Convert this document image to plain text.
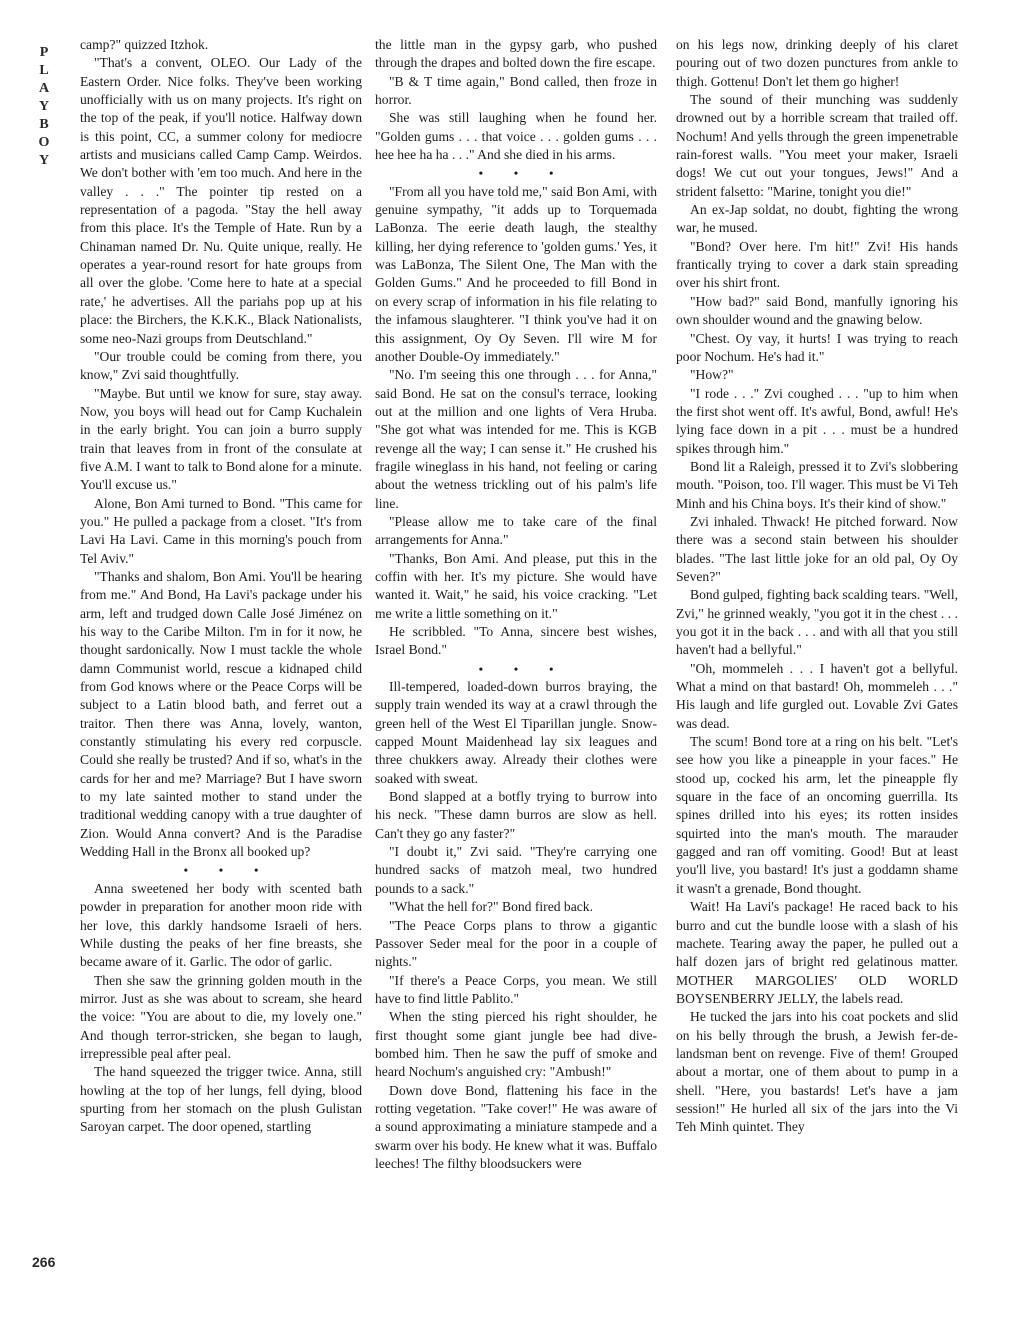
P
L
A
Y
B
O
Y

camp?" quizzed Itzhok.

"That's a convent, OLEO. Our Lady of the Eastern Order. Nice folks. They've been working unofficially with us on many projects. It's right on the top of the peak, if you'll notice. Halfway down is this point, CC, a summer colony for mediocre artists and musicians called Camp Camp. Weirdos. We don't bother with 'em too much. And here in the valley . . ." The pointer tip rested on a representation of a pagoda. "Stay the hell away from this place. It's the Temple of Hate. Run by a Chinaman named Dr. Nu. Quite unique, really. He operates a year-round resort for hate groups from all over the globe. 'Come here to hate at a special rate,' he advertises. All the pariahs pop up at his place: the Birchers, the K.K.K., Black Nationalists, some neo-Nazi groups from Deutschland."

"Our trouble could be coming from there, you know," Zvi said thoughtfully.

"Maybe. But until we know for sure, stay away. Now, you boys will head out for Camp Kuchalein in the early bright. You can join a burro supply train that leaves from in front of the consulate at five A.M. I want to talk to Bond alone for a minute. You'll excuse us."

Alone, Bon Ami turned to Bond. "This came for you." He pulled a package from a closet. "It's from Lavi Ha Lavi. Came in this morning's pouch from Tel Aviv."

"Thanks and shalom, Bon Ami. You'll be hearing from me." And Bond, Ha Lavi's package under his arm, left and trudged down Calle José Jiménez on his way to the Caribe Milton. I'm in for it now, he thought sardonically. Now I must tackle the whole damn Communist world, rescue a kidnaped child from God knows where or the Peace Corps will be subject to a Latin blood bath, and ferret out a traitor. Then there was Anna, lovely, wanton, constantly stimulating his every red corpuscle. Could she really be trusted? And if so, what's in the cards for her and me? Marriage? But I have sworn to my late sainted mother to stand under the traditional wedding canopy with a true daughter of Zion. Would Anna convert? And is the Paradise Wedding Hall in the Bronx all booked up?

• • •

Anna sweetened her body with scented bath powder in preparation for another moon ride with her love, this darkly handsome Israeli of hers. While dusting the peaks of her fine breasts, she became aware of it. Garlic. The odor of garlic.

Then she saw the grinning golden mouth in the mirror. Just as she was about to scream, she heard the voice: "You are about to die, my lovely one." And though terror-stricken, she began to laugh, irrepressible peal after peal.

The hand squeezed the trigger twice. Anna, still howling at the top of her lungs, fell dying, blood spurting from her stomach on the plush Gulistan Saroyan carpet. The door opened, startling

the little man in the gypsy garb, who pushed through the drapes and bolted down the fire escape.

"B & T time again," Bond called, then froze in horror.

She was still laughing when he found her. "Golden gums . . . that voice . . . golden gums . . . hee hee ha ha . . ." And she died in his arms.

• • •

"From all you have told me," said Bon Ami, with genuine sympathy, "it adds up to Torquemada LaBonza. The eerie death laugh, the stealthy killing, her dying reference to 'golden gums.' Yes, it was LaBonza, The Silent One, The Man with the Golden Gums." And he proceeded to fill Bond in on every scrap of information in his file relating to the infamous slaughterer. "I think you've had it on this assignment, Oy Oy Seven. I'll wire M for another Double-Oy immediately."

"No. I'm seeing this one through . . . for Anna," said Bond. He sat on the consul's terrace, looking out at the million and one lights of Vera Hruba. "She got what was intended for me. This is KGB revenge all the way; I can sense it." He crushed his fragile wineglass in his hand, not feeling or caring about the wetness trickling out of his palm's life line.

"Please allow me to take care of the final arrangements for Anna."

"Thanks, Bon Ami. And please, put this in the coffin with her. It's my picture. She would have wanted it. Wait," he said, his voice cracking. "Let me write a little something on it."

He scribbled. "To Anna, sincere best wishes, Israel Bond."

• • •

Ill-tempered, loaded-down burros braying, the supply train wended its way at a crawl through the green hell of the West El Tiparillan jungle. Snow-capped Mount Maidenhead lay six leagues and three chukkers away. Already their clothes were soaked with sweat.

Bond slapped at a botfly trying to burrow into his neck. "These damn burros are slow as hell. Can't they go any faster?"

"I doubt it," Zvi said. "They're carrying one hundred sacks of matzoh meal, two hundred pounds to a sack."

"What the hell for?" Bond fired back.

"The Peace Corps plans to throw a gigantic Passover Seder meal for the poor in a couple of nights."

"If there's a Peace Corps, you mean. We still have to find little Pablito."

When the sting pierced his right shoulder, he first thought some giant jungle bee had dive-bombed him. Then he saw the puff of smoke and heard Nochum's anguished cry: "Ambush!"

Down dove Bond, flattening his face in the rotting vegetation. "Take cover!" He was aware of a sound approximating a miniature stampede and a swarm over his body. He knew what it was. Buffalo leeches! The filthy bloodsuckers were

on his legs now, drinking deeply of his claret pouring out of two dozen punctures from ankle to thigh. Gottenu! Don't let them go higher!

The sound of their munching was suddenly drowned out by a horrible scream that trailed off. Nochum! And yells through the green impenetrable rain-forest walls. "You meet your maker, Israeli dogs! We cut out your tongues, Jews!" And a strident falsetto: "Marine, tonight you die!"

An ex-Jap soldat, no doubt, fighting the wrong war, he mused.

"Bond? Over here. I'm hit!" Zvi! His hands frantically trying to cover a dark stain spreading over his shirt front.

"How bad?" said Bond, manfully ignoring his own shoulder wound and the gnawing below.

"Chest. Oy vay, it hurts! I was trying to reach poor Nochum. He's had it."

"How?"

"I rode . . ." Zvi coughed . . . "up to him when the first shot went off. It's awful, Bond, awful! He's lying face down in a pit . . . must be a hundred spikes through him."

Bond lit a Raleigh, pressed it to Zvi's slobbering mouth. "Poison, too. I'll wager. This must be Vi Teh Minh and his China boys. It's their kind of show."

Zvi inhaled. Thwack! He pitched forward. Now there was a second stain between his shoulder blades. "The last little joke for an old pal, Oy Oy Seven?"

Bond gulped, fighting back scalding tears. "Well, Zvi," he grinned weakly, "you got it in the chest . . . you got it in the back . . . and with all that you still haven't had a bellyful."

"Oh, mommeleh . . . I haven't got a bellyful. What a mind on that bastard! Oh, mommeleh . . ." His laugh and life gurgled out. Lovable Zvi Gates was dead.

The scum! Bond tore at a ring on his belt. "Let's see how you like a pineapple in your faces." He stood up, cocked his arm, let the pineapple fly square in the face of an oncoming guerrilla. Its spines drilled into his eyes; its rotten insides squirted into the man's mouth. The marauder gagged and ran off vomiting. Good! But at least you'll live, you bastard! It's just a goddamn shame it wasn't a grenade, Bond thought.

Wait! Ha Lavi's package! He raced back to his burro and cut the bundle loose with a slash of his machete. Tearing away the paper, he pulled out a half dozen jars of bright red gelatinous matter. MOTHER MARGOLIES' OLD WORLD BOYSENBERRY JELLY, the labels read.

He tucked the jars into his coat pockets and slid on his belly through the brush, a Jewish fer-de-landsman bent on revenge. Five of them! Grouped about a mortar, one of them about to pump in a shell. "Here, you bastards! Let's have a jam session!" He hurled all six of the jars into the Vi Teh Minh quintet. They

266
